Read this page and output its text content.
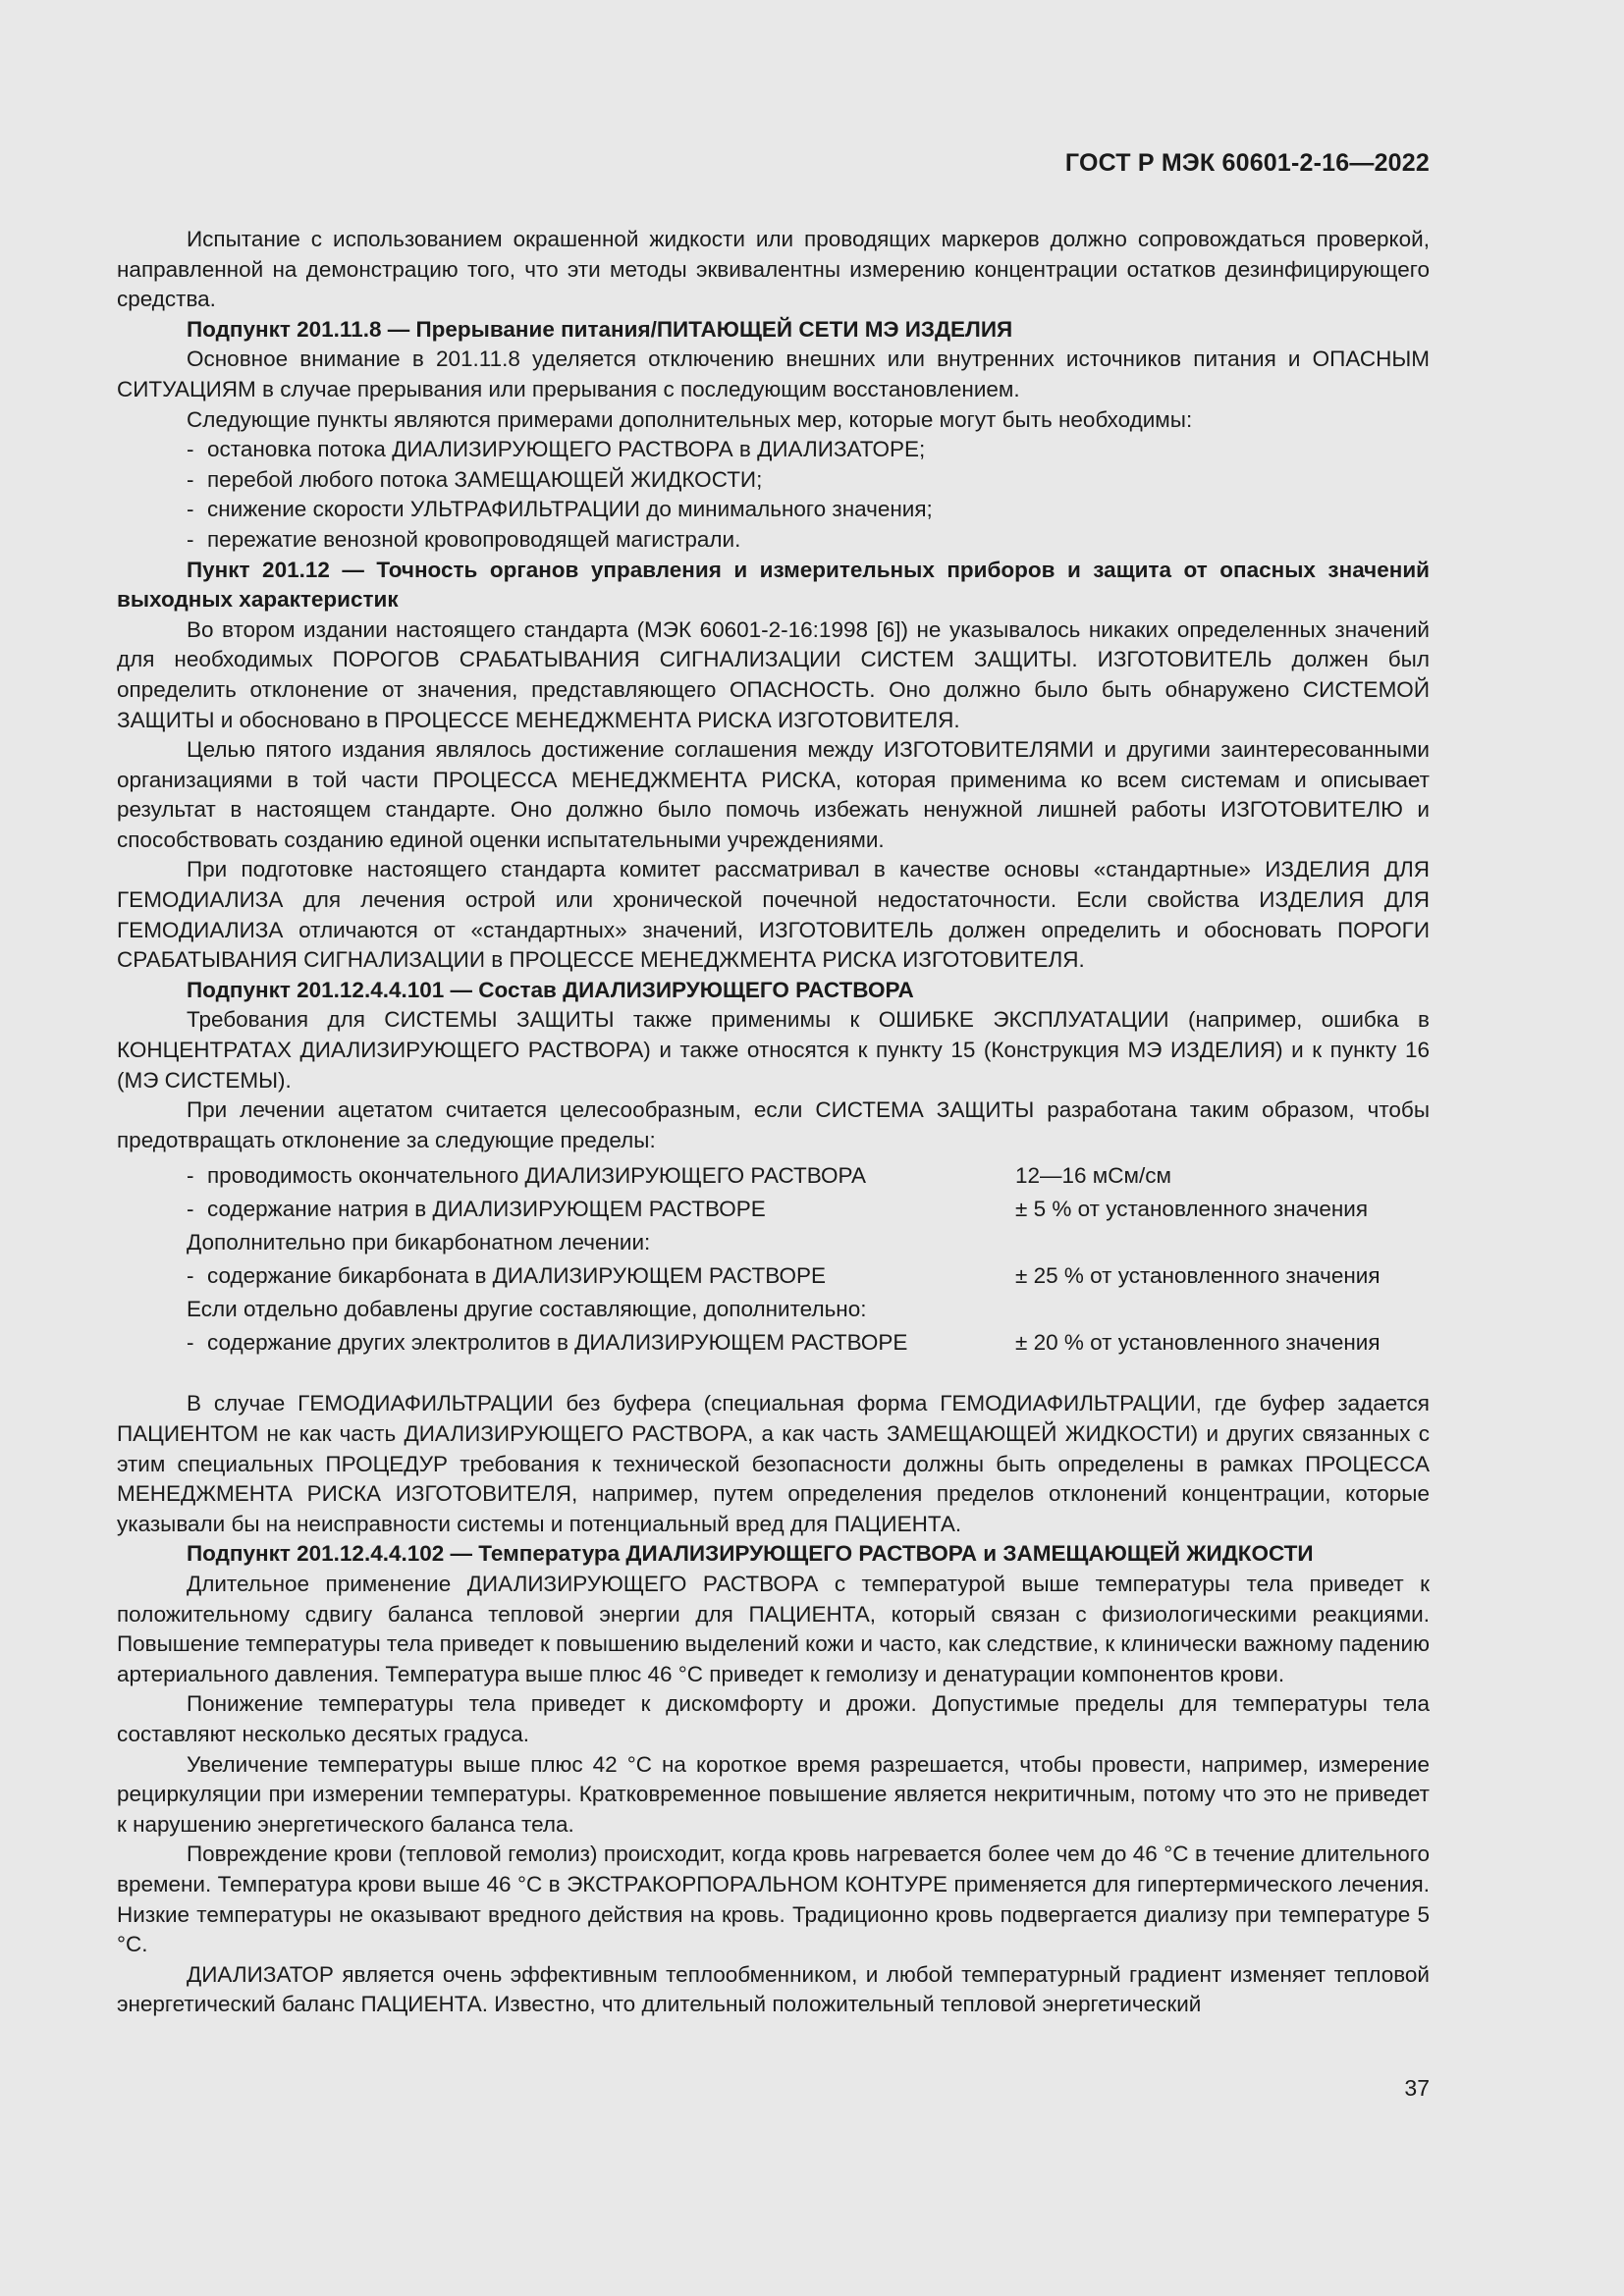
ГОСТ Р МЭК 60601-2-16—2022

Испытание с использованием окрашенной жидкости или проводящих маркеров должно сопровождаться проверкой, направленной на демонстрацию того, что эти методы эквивалентны измерению концентрации остатков дезинфицирующего средства.

Подпункт 201.11.8 — Прерывание питания/ПИТАЮЩЕЙ СЕТИ МЭ ИЗДЕЛИЯ

Основное внимание в 201.11.8 уделяется отключению внешних или внутренних источников питания и ОПАСНЫМ СИТУАЦИЯМ в случае прерывания или прерывания с последующим восстановлением.

Следующие пункты являются примерами дополнительных мер, которые могут быть необходимы:

- остановка потока ДИАЛИЗИРУЮЩЕГО РАСТВОРА в ДИАЛИЗАТОРЕ;
- перебой любого потока ЗАМЕЩАЮЩЕЙ ЖИДКОСТИ;
- снижение скорости УЛЬТРАФИЛЬТРАЦИИ до минимального значения;
- пережатие венозной кровопроводящей магистрали.

Пункт 201.12 — Точность органов управления и измерительных приборов и защита от опасных значений выходных характеристик

Во втором издании настоящего стандарта (МЭК 60601-2-16:1998 [6]) не указывалось никаких определенных значений для необходимых ПОРОГОВ СРАБАТЫВАНИЯ СИГНАЛИЗАЦИИ СИСТЕМ ЗАЩИТЫ. ИЗГОТОВИТЕЛЬ должен был определить отклонение от значения, представляющего ОПАСНОСТЬ. Оно должно было быть обнаружено СИСТЕМОЙ ЗАЩИТЫ и обосновано в ПРОЦЕССЕ МЕНЕДЖМЕНТА РИСКА ИЗГОТОВИТЕЛЯ.

Целью пятого издания являлось достижение соглашения между ИЗГОТОВИТЕЛЯМИ и другими заинтересованными организациями в той части ПРОЦЕССА МЕНЕДЖМЕНТА РИСКА, которая применима ко всем системам и описывает результат в настоящем стандарте. Оно должно было помочь избежать ненужной лишней работы ИЗГОТОВИТЕЛЮ и способствовать созданию единой оценки испытательными учреждениями.

При подготовке настоящего стандарта комитет рассматривал в качестве основы «стандартные» ИЗДЕЛИЯ ДЛЯ ГЕМОДИАЛИЗА для лечения острой или хронической почечной недостаточности. Если свойства ИЗДЕЛИЯ ДЛЯ ГЕМОДИАЛИЗА отличаются от «стандартных» значений, ИЗГОТОВИТЕЛЬ должен определить и обосновать ПОРОГИ СРАБАТЫВАНИЯ СИГНАЛИЗАЦИИ в ПРОЦЕССЕ МЕНЕДЖМЕНТА РИСКА ИЗГОТОВИТЕЛЯ.

Подпункт 201.12.4.4.101 — Состав ДИАЛИЗИРУЮЩЕГО РАСТВОРА

Требования для СИСТЕМЫ ЗАЩИТЫ также применимы к ОШИБКЕ ЭКСПЛУАТАЦИИ (например, ошибка в КОНЦЕНТРАТАХ ДИАЛИЗИРУЮЩЕГО РАСТВОРА) и также относятся к пункту 15 (Конструкция МЭ ИЗДЕЛИЯ) и к пункту 16 (МЭ СИСТЕМЫ).

При лечении ацетатом считается целесообразным, если СИСТЕМА ЗАЩИТЫ разработана таким образом, чтобы предотвращать отклонение за следующие пределы:

- проводимость окончательного ДИАЛИЗИРУЮЩЕГО РАСТВОРА	12—16 мСм/см
- содержание натрия в ДИАЛИЗИРУЮЩЕМ РАСТВОРЕ	± 5 % от установленного значения
Дополнительно при бикарбонатном лечении:
- содержание бикарбоната в ДИАЛИЗИРУЮЩЕМ РАСТВОРЕ	± 25 % от установленного значения
Если отдельно добавлены другие составляющие, дополнительно:
- содержание других электролитов в ДИАЛИЗИРУЮЩЕМ РАСТВОРЕ	± 20 % от установленного значения

В случае ГЕМОДИАФИЛЬТРАЦИИ без буфера (специальная форма ГЕМОДИАФИЛЬТРАЦИИ, где буфер задается ПАЦИЕНТОМ не как часть ДИАЛИЗИРУЮЩЕГО РАСТВОРА, а как часть ЗАМЕЩАЮЩЕЙ ЖИДКОСТИ) и других связанных с этим специальных ПРОЦЕДУР требования к технической безопасности должны быть определены в рамках ПРОЦЕССА МЕНЕДЖМЕНТА РИСКА ИЗГОТОВИТЕЛЯ, например, путем определения пределов отклонений концентрации, которые указывали бы на неисправности системы и потенциальный вред для ПАЦИЕНТА.

Подпункт 201.12.4.4.102 — Температура ДИАЛИЗИРУЮЩЕГО РАСТВОРА и ЗАМЕЩАЮЩЕЙ ЖИДКОСТИ

Длительное применение ДИАЛИЗИРУЮЩЕГО РАСТВОРА с температурой выше температуры тела приведет к положительному сдвигу баланса тепловой энергии для ПАЦИЕНТА, который связан с физиологическими реакциями. Повышение температуры тела приведет к повышению выделений кожи и часто, как следствие, к клинически важному падению артериального давления. Температура выше плюс 46 °С приведет к гемолизу и денатурации компонентов крови.

Понижение температуры тела приведет к дискомфорту и дрожи. Допустимые пределы для температуры тела составляют несколько десятых градуса.

Увеличение температуры выше плюс 42 °С на короткое время разрешается, чтобы провести, например, измерение рециркуляции при измерении температуры. Кратковременное повышение является некритичным, потому что это не приведет к нарушению энергетического баланса тела.

Повреждение крови (тепловой гемолиз) происходит, когда кровь нагревается более чем до 46 °С в течение длительного времени. Температура крови выше 46 °С в ЭКСТРАКОРПОРАЛЬНОМ КОНТУРЕ применяется для гипертермического лечения. Низкие температуры не оказывают вредного действия на кровь. Традиционно кровь подвергается диализу при температуре 5 °С.

ДИАЛИЗАТОР является очень эффективным теплообменником, и любой температурный градиент изменяет тепловой энергетический баланс ПАЦИЕНТА. Известно, что длительный положительный тепловой энергетический

37
